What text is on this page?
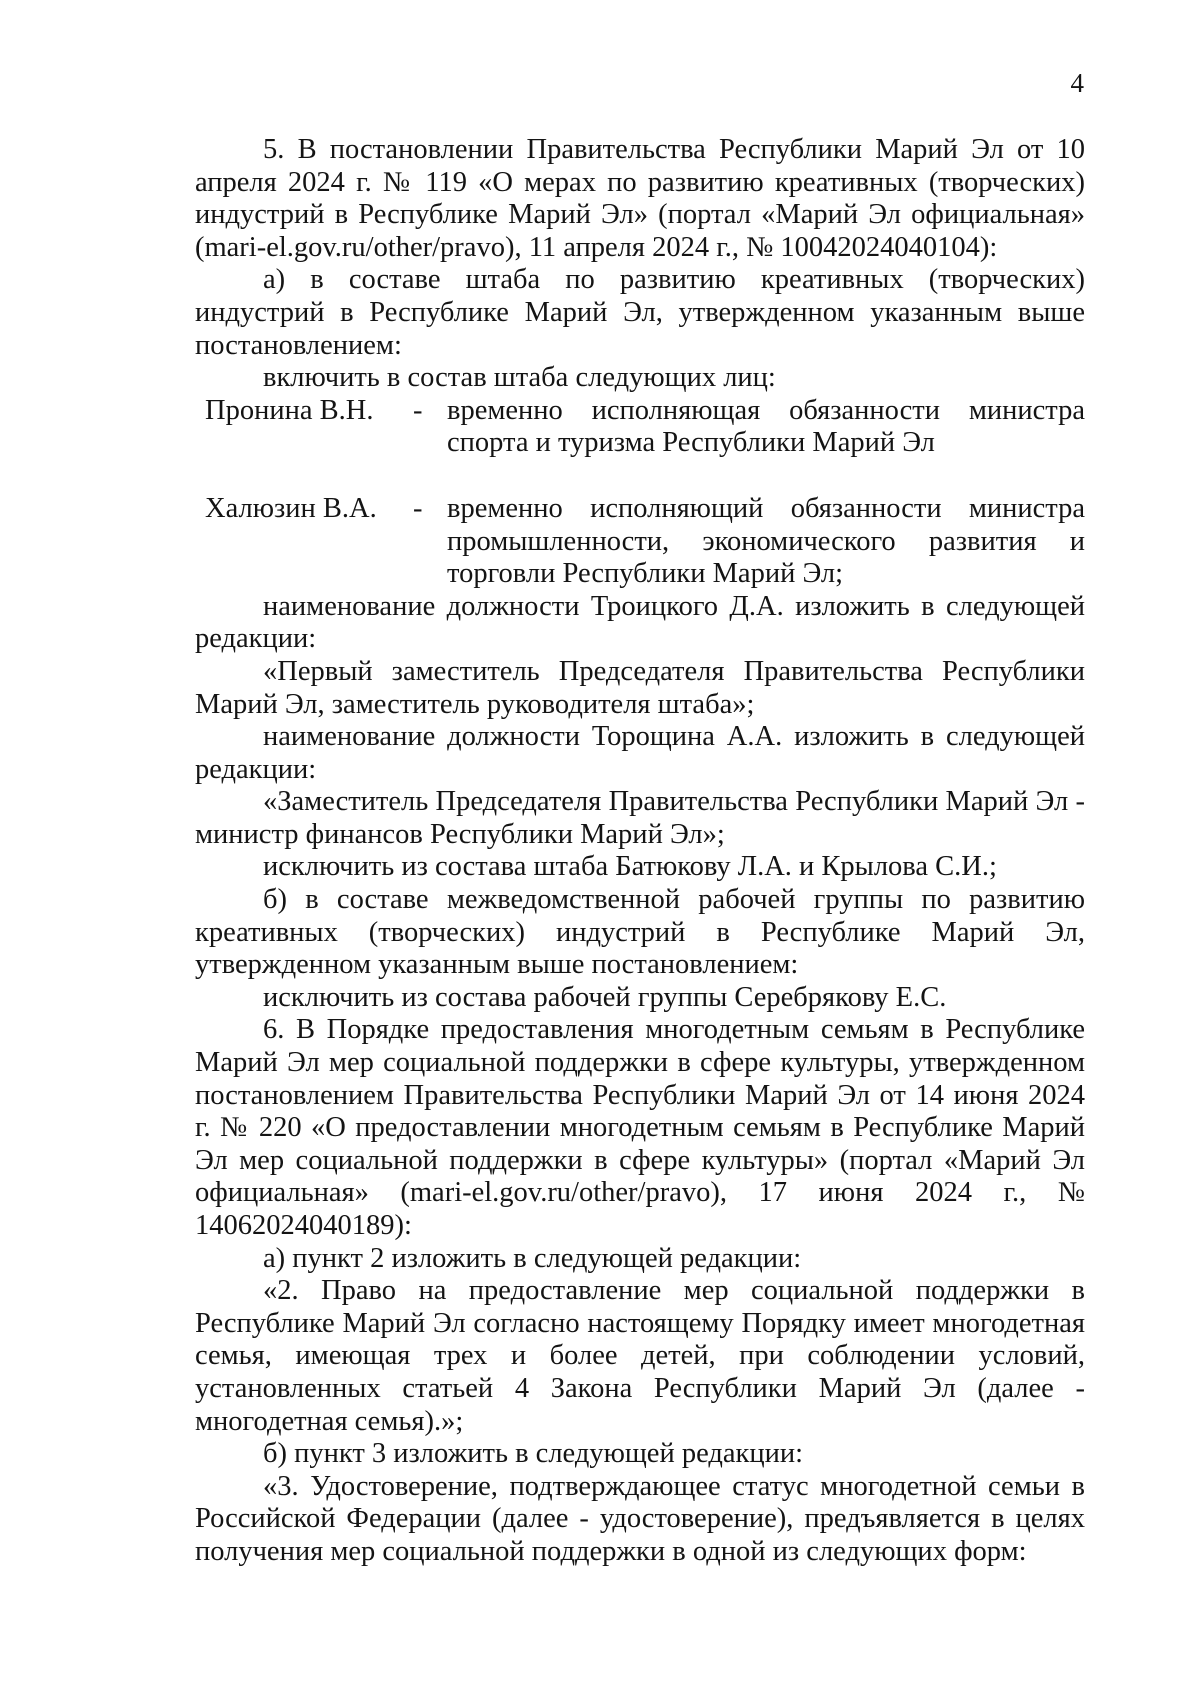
4

5. В постановлении Правительства Республики Марий Эл от 10 апреля 2024 г. № 119 «О мерах по развитию креативных (творческих) индустрий в Республике Марий Эл» (портал «Марий Эл официальная» (mari-el.gov.ru/other/pravo), 11 апреля 2024 г., № 10042024040104):

а) в составе штаба по развитию креативных (творческих) индустрий в Республике Марий Эл, утвержденном указанным выше постановлением:

включить в состав штаба следующих лиц:

Пронина В.Н.	- временно исполняющая обязанности министра спорта и туризма Республики Марий Эл
Халюзин В.А.	- временно исполняющий обязанности министра промышленности, экономического развития и торговли Республики Марий Эл;

наименование должности Троицкого Д.А. изложить в следующей редакции:

«Первый заместитель Председателя Правительства Республики Марий Эл, заместитель руководителя штаба»;

наименование должности Торощина А.А. изложить в следующей редакции:

«Заместитель Председателя Правительства Республики Марий Эл - министр финансов Республики Марий Эл»;

исключить из состава штаба Батюкову Л.А. и Крылова С.И.;

б) в составе межведомственной рабочей группы по развитию креативных (творческих) индустрий в Республике Марий Эл, утвержденном указанным выше постановлением:

исключить из состава рабочей группы Серебрякову Е.С.

6. В Порядке предоставления многодетным семьям в Республике Марий Эл мер социальной поддержки в сфере культуры, утвержденном постановлением Правительства Республики Марий Эл от 14 июня 2024 г. № 220 «О предоставлении многодетным семьям в Республике Марий Эл мер социальной поддержки в сфере культуры» (портал «Марий Эл официальная» (mari-el.gov.ru/other/pravo), 17 июня 2024 г., № 14062024040189):

а) пункт 2 изложить в следующей редакции:

«2. Право на предоставление мер социальной поддержки в Республике Марий Эл согласно настоящему Порядку имеет многодетная семья, имеющая трех и более детей, при соблюдении условий, установленных статьей 4 Закона Республики Марий Эл (далее - многодетная семья).»;

б) пункт 3 изложить в следующей редакции:

«3. Удостоверение, подтверждающее статус многодетной семьи в Российской Федерации (далее - удостоверение), предъявляется в целях получения мер социальной поддержки в одной из следующих форм:
